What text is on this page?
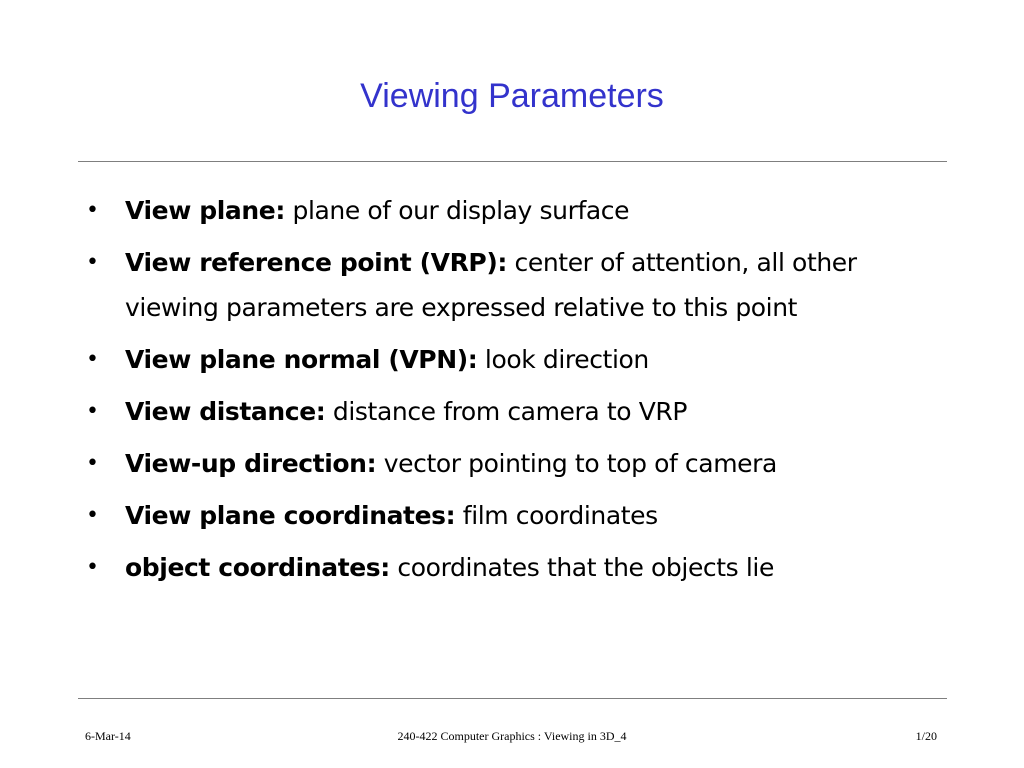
Viewing Parameters
• View plane: plane of our display surface
• View reference point (VRP): center of attention, all other viewing parameters are expressed relative to this point
• View plane normal (VPN): look direction
• View distance: distance from camera to VRP
• View-up direction: vector pointing to top of camera
• View plane coordinates: film coordinates
• object coordinates: coordinates that the objects lie
240-422 Computer Graphics : Viewing in 3D_4
6-Mar-14	1/20
